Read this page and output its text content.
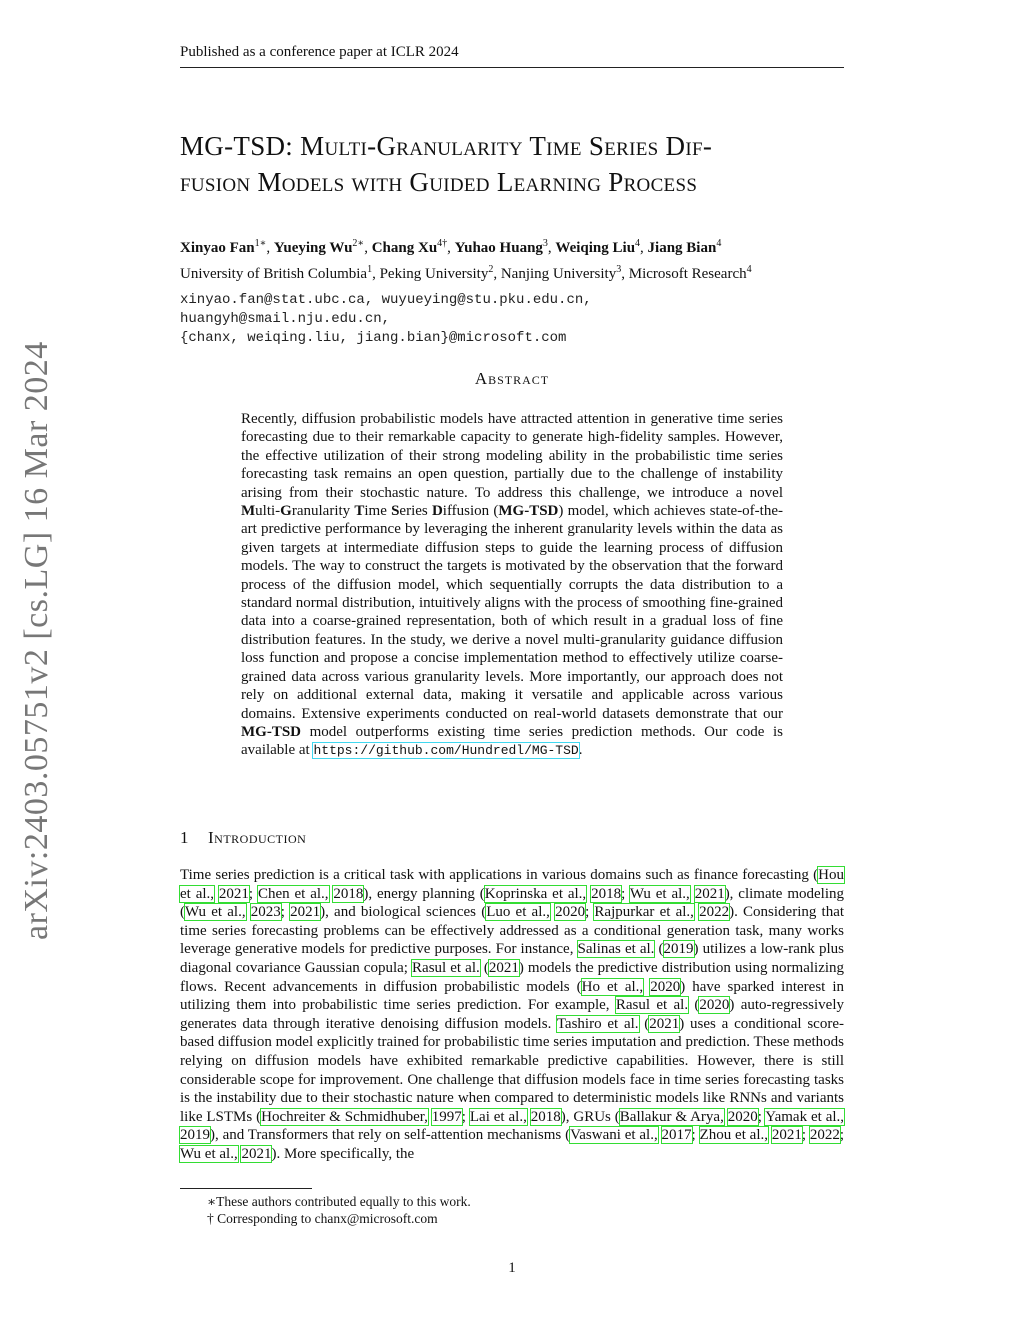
Published as a conference paper at ICLR 2024
arXiv:2403.05751v2 [cs.LG] 16 Mar 2024
MG-TSD: Multi-Granularity Time Series Dif-
fusion Models with Guided Learning Process
Xinyao Fan$^{1∗}$, Yueying $Wu^{2∗}$, Chang $Xu^{4\dagger}$, Yuhao Huang$^3$, Weiqing Liu$^4$, Jiang Bian$^4$
University of British Columbia$^1$, Peking University$^2$, Nanjing University$^3$, Microsoft Research$^4$
xinyao.fan@stat.ubc.ca, wuyueying@stu.pku.edu.cn,
huangyh@smail.nju.edu.cn,
{chanx, weiqing.liu, jiang.bian}@microsoft.com
Abstract

Recently, diffusion probabilistic models have attracted attention in generative time series forecasting due to their remarkable capacity to generate high-fidelity samples. However, the effective utilization of their strong modeling ability in the probabilistic time series forecasting task remains an open question, partially due to the challenge of instability arising from their stochastic nature. To address this challenge, we introduce a novel Multi-Granularity Time Series Diffusion (MG-TSD) model, which achieves state-of-the-art predictive performance by leveraging the inherent granularity levels within the data as given targets at intermediate diffusion steps to guide the learning process of diffusion models. The way to construct the targets is motivated by the observation that the forward process of the diffusion model, which sequentially corrupts the data distribution to a standard normal distribution, intuitively aligns with the process of smoothing fine-grained data into a coarse-grained representation, both of which result in a gradual loss of fine distribution features. In the study, we derive a novel multi-granularity guidance diffusion loss function and propose a concise implementation method to effectively utilize coarse-grained data across various granularity levels. More importantly, our approach does not rely on additional external data, making it versatile and applicable across various domains. Extensive experiments conducted on real-world datasets demonstrate that our MG-TSD model outperforms existing time series prediction methods. Our code is available at https://github.com/Hundredl/MG-TSD.

1 Introduction

Time series prediction is a critical task with applications in various domains such as finance forecasting (Hou et al., 2021; Chen et al., 2018), energy planning (Koprinska et al., 2018; Wu et al., 2021), climate modeling (Wu et al., 2023; 2021), and biological sciences (Luo et al., 2020; Rajpurkar et al., 2022). Considering that time series forecasting problems can be effectively addressed as a conditional generation task, many works leverage generative models for predictive purposes. For instance, Salinas et al. (2019) utilizes a low-rank plus diagonal covariance Gaussian copula; Rasul et al. (2021) models the predictive distribution using normalizing flows. Recent advancements in diffusion probabilistic models (Ho et al., 2020) have sparked interest in utilizing them into probabilistic time series prediction. For example, Rasul et al. (2020) auto-regressively generates data through iterative denoising diffusion models. Tashiro et al. (2021) uses a conditional score-based diffusion model explicitly trained for probabilistic time series imputation and prediction. These methods relying on diffusion models have exhibited remarkable predictive capabilities. However, there is still considerable scope for improvement. One challenge that diffusion models face in time series forecasting tasks is the instability due to their stochastic nature when compared to deterministic models like RNNs and variants like LSTMs (Hochreiter & Schmidhuber, 1997; Lai et al., 2018), GRUs (Ballakur & Arya, 2020; Yamak et al., 2019), and Transformers that rely on self-attention mechanisms (Vaswani et al., 2017; Zhou et al., 2021; 2022; Wu et al., 2021). More specifically, the

∗These authors contributed equally to this work.
† Corresponding to chanx@microsoft.com
1
